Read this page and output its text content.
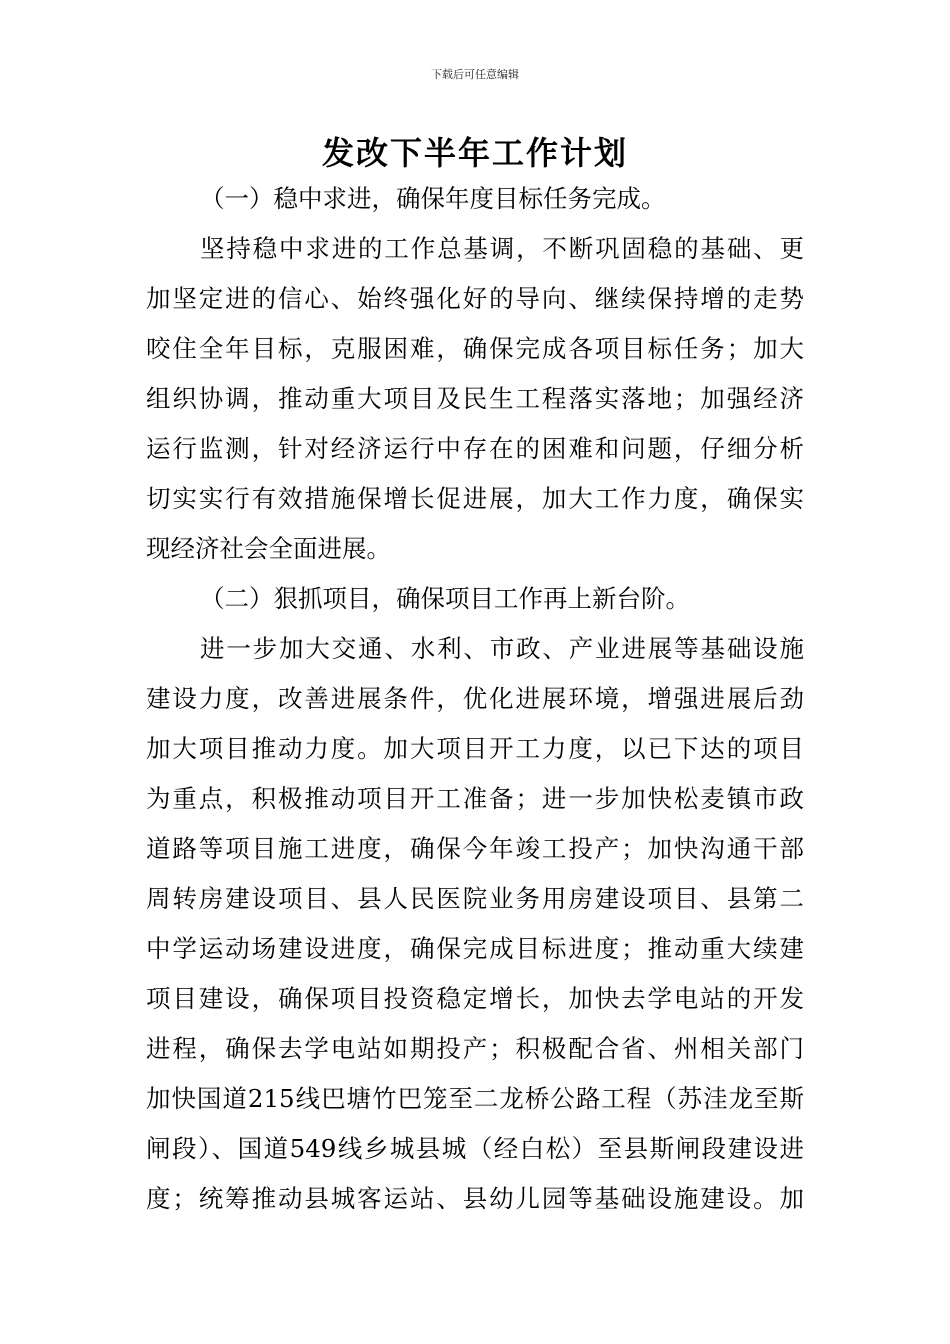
下载后可任意编辑
发改下半年工作计划
（一）稳中求进，确保年度目标任务完成。
坚持稳中求进的工作总基调，不断巩固稳的基础、更
加坚定进的信心、始终强化好的导向、继续保持增的走势
咬住全年目标，克服困难，确保完成各项目标任务；加大
组织协调，推动重大项目及民生工程落实落地；加强经济
运行监测，针对经济运行中存在的困难和问题，仔细分析
切实实行有效措施保增长促进展，加大工作力度，确保实
现经济社会全面进展。
（二）狠抓项目，确保项目工作再上新台阶。
进一步加大交通、水利、市政、产业进展等基础设施
建设力度，改善进展条件，优化进展环境，增强进展后劲
加大项目推动力度。加大项目开工力度，以已下达的项目
为重点，积极推动项目开工准备；进一步加快松麦镇市政
道路等项目施工进度，确保今年竣工投产；加快沟通干部
周转房建设项目、县人民医院业务用房建设项目、县第二
中学运动场建设进度，确保完成目标进度；推动重大续建
项目建设，确保项目投资稳定增长，加快去学电站的开发
进程，确保去学电站如期投产；积极配合省、州相关部门
加快国道215线巴塘竹巴笼至二龙桥公路工程（苏洼龙至斯
闸段）、国道549线乡城县城（经白松）至县斯闸段建设进
度；统筹推动县城客运站、县幼儿园等基础设施建设。加
